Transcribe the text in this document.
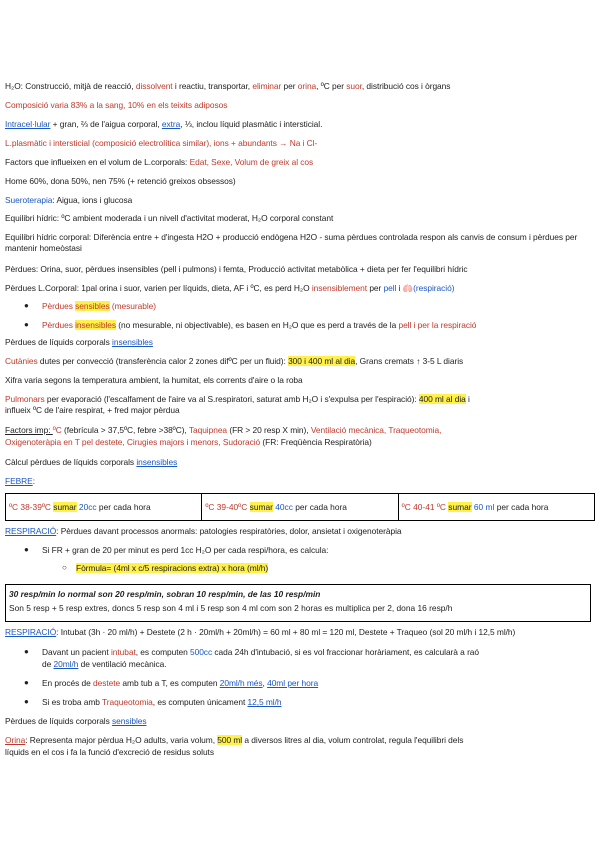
H₂O: Construcció, mitjà de reacció, dissolvent i reactiu, transportar, eliminar per orina, ºC per suor, distribució cos i òrgans
Composició varia 83% a la sang, 10% en els teixits adiposos
Intracel·lular + gran, ⅔ de l'aigua corporal, extra, ⅓, inclou líquid plasmàtic i intersticial.
L.plasmàtic i intersticial (composició electrolítica similar), ions + abundants → Na i Cl-
Factors que influeixen en el volum de L.corporals: Edat, Sexe, Volum de greix al cos
Home 60%, dona 50%, nen 75% (+ retenció greixos obsessos)
Sueroterapia: Aigua, ions i glucosa
Equilibri hídric: ºC ambient moderada i un nivell d'activitat moderat, H₂O corporal constant
Equilibri hídric corporal: Diferència entre + d'ingesta H2O + producció endògena H2O - suma pèrdues controlada respon als canvis de consum i pèrdues per mantenir homeòstasi
Pèrdues: Orina, suor, pèrdues insensibles (pell i pulmons) i femta, Producció activitat metabòlica + dieta per fer l'equilibri hídric
Pèrdues L.Corporal: 1pal orina i suor, varien per líquids, dieta, AF i ºC, es perd H₂O insensiblement per pell i 🫁(respiració)
● Pèrdues sensibles (mesurable)
● Pèrdues insensibles (no mesurable, ni objectivable), es basen en H₂O que es perd a través de la pell i per la respiració
Pèrdues de líquids corporals insensibles
Cutànies dutes per convecció (transferència calor 2 zones difºC per un fluid): 300 i 400 ml al dia, Grans cremats ↑ 3-5 L diaris
Xifra varia segons la temperatura ambient, la humitat, els corrents d'aire o la roba
Pulmonars per evaporació (l'escalfament de l'aire va al S.respiratori, saturat amb H₂O i s'expulsa per l'espiració): 400 ml al dia i
influeix ºC de l'aire respirat, + fred major pèrdua
Factors imp: ºC (febrícula > 37,5ºC, febre >38ºC), Taquipnea (FR > 20 resp X min), Ventilació mecànica, Traqueotomia,
Oxigenoteràpia en T pel destete, Cirugies majors i menors, Sudoració (FR: Freqüència Respiratòria)
Càlcul pèrdues de líquids corporals insensibles
FEBRE:
ºC 38-39ºC sumar 20cc per cada hora	ºC 39-40ºC sumar 40cc per cada hora	ºC 40-41 ºC sumar 60 ml per cada hora
RESPIRACIÓ: Pèrdues davant processos anormals: patologies respiratòries, dolor, ansietat i oxigenoteràpia
● Si FR + gran de 20 per minut es perd 1cc H₂O per cada respi/hora, es calcula:
○ Fòrmula= (4ml x c/5 respiracions extra) x hora (ml/h)
30 resp/min lo normal son 20 resp/min, sobran 10 resp/min, de las 10 resp/min
Son 5 resp + 5 resp extres, doncs 5 resp son 4 ml i 5 resp son 4 ml com son 2 horas es multiplica per 2, dona 16 resp/h
RESPIRACIÓ: Intubat (3h · 20 ml/h) + Destete (2 h · 20ml/h + 20ml/h) = 60 ml + 80 ml = 120 ml, Destete + Traqueo (sol 20 ml/h i 12,5 ml/h)
● Davant un pacient intubat, es computen 500cc cada 24h d'intubació, si es vol fraccionar horàriament, es calcularà a raó
de 20ml/h de ventilació mecànica.
● En procés de destete amb tub a T, es computen 20ml/h més, 40ml per hora
● Si es troba amb Traqueotomia, es computen únicament 12,5 ml/h
Pèrdues de líquids corporals sensibles
Orina: Representa major pèrdua H₂O adults, varia volum, 500 ml a diversos litres al dia, volum controlat, regula l'equilibri dels
líquids en el cos i fa la funció d'excreció de residus soluts
